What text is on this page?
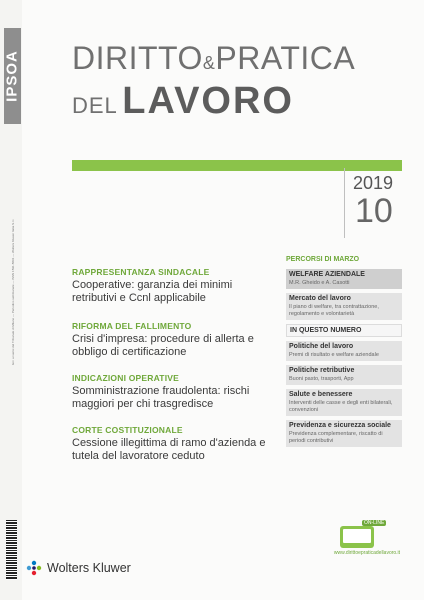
IPSOA
Iscr. ai sensi del Tribunale di Milano — Periodico settimanale — ISSN 1591-5891 — Wolters Kluwer Italia S.r.l.
DIRITTO&PRATICA
DEL LAVORO
2019
10
RAPPRESENTANZA SINDACALE
Cooperative: garanzia dei minimi retributivi e Ccnl applicabile
RIFORMA DEL FALLIMENTO
Crisi d'impresa: procedure di allerta e obbligo di certificazione
INDICAZIONI OPERATIVE
Somministrazione fraudolenta: rischi maggiori per chi trasgredisce
CORTE COSTITUZIONALE
Cessione illegittima di ramo d'azienda e tutela del lavoratore ceduto
PERCORSI DI MARZO
WELFARE AZIENDALE
M.R. Gheido e A. Casotti
Mercato del lavoro
Il piano di welfare, tra contrattazione, regolamento e volontarietà
IN QUESTO NUMERO
Politiche del lavoro
Premi di risultato e welfare aziendale
Politiche retributive
Buoni pasto, trasporti, App
Salute e benessere
Interventi delle casse e degli enti bilaterali, convenzioni
Previdenza e sicurezza sociale
Previdenza complementare, riscatto di periodi contributivi
ON-LINE
www.dirittoepraticadellavoro.it
Wolters Kluwer
